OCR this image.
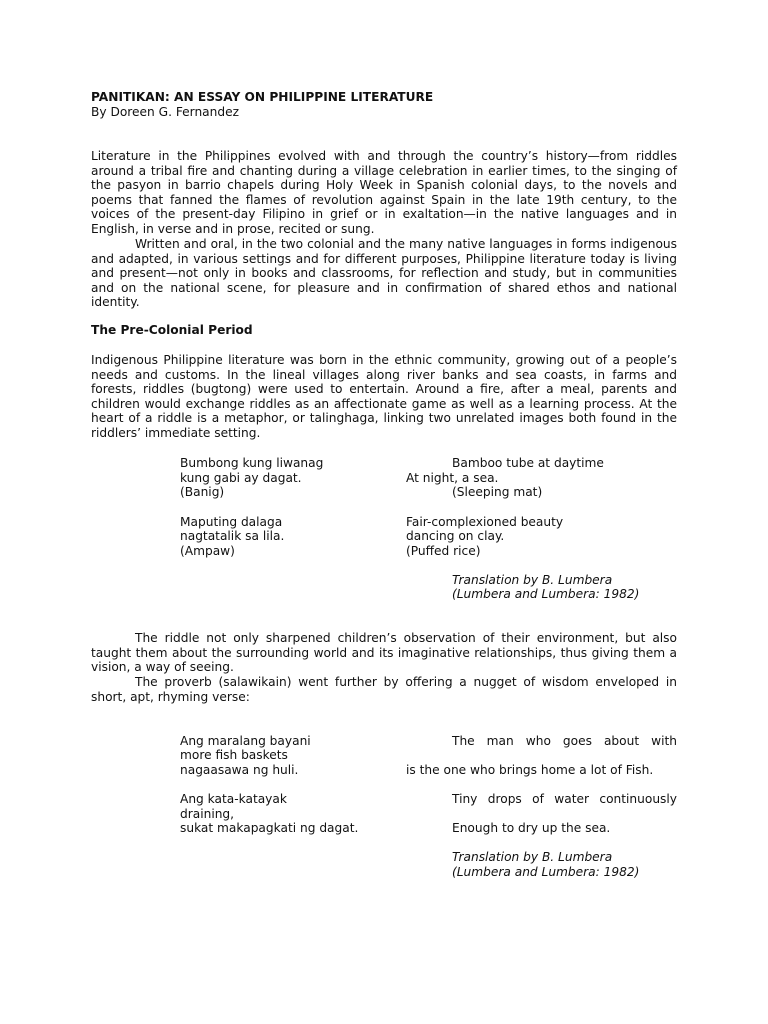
PANITIKAN: AN ESSAY ON PHILIPPINE LITERATURE
By Doreen G. Fernandez
Literature in the Philippines evolved with and through the country’s history—from riddles around a tribal fire and chanting during a village celebration in earlier times, to the singing of the pasyon in barrio chapels during Holy Week in Spanish colonial days, to the novels and poems that fanned the flames of revolution against Spain in the late 19th century, to the voices of the present-day Filipino in grief or in exaltation—in the native languages and in English, in verse and in prose, recited or sung.
Written and oral, in the two colonial and the many native languages in forms indigenous and adapted, in various settings and for different purposes, Philippine literature today is living and present—not only in books and classrooms, for reflection and study, but in communities and on the national scene, for pleasure and in confirmation of shared ethos and national identity.
The Pre-Colonial Period
Indigenous Philippine literature was born in the ethnic community, growing out of a people’s needs and customs. In the lineal villages along river banks and sea coasts, in farms and forests, riddles (bugtong) were used to entertain. Around a fire, after a meal, parents and children would exchange riddles as an affectionate game as well as a learning process. At the heart of a riddle is a metaphor, or talinghaga, linking two unrelated images both found in the riddlers’ immediate setting.
Bumbong kung liwanag
kung gabi ay dagat.
(Banig)
Bamboo tube at daytime
At night, a sea.
(Sleeping mat)
Maputing dalaga
nagtatalik sa lila.
(Ampaw)
Fair-complexioned beauty
dancing on clay.
(Puffed rice)
Translation by B. Lumbera
(Lumbera and Lumbera: 1982)
The riddle not only sharpened children’s observation of their environment, but also taught them about the surrounding world and its imaginative relationships, thus giving them a vision, a way of seeing.
The proverb (salawikain) went further by offering a nugget of wisdom enveloped in short, apt, rhyming verse:
Ang maralang bayani
more fish baskets
nagaasawa ng huli.
The man who goes about with
is the one who brings home a lot of Fish.
Ang kata-katayak
draining,
sukat makapagkati ng dagat.
Tiny drops of water continuously
Enough to dry up the sea.
Translation by B. Lumbera
(Lumbera and Lumbera: 1982)
